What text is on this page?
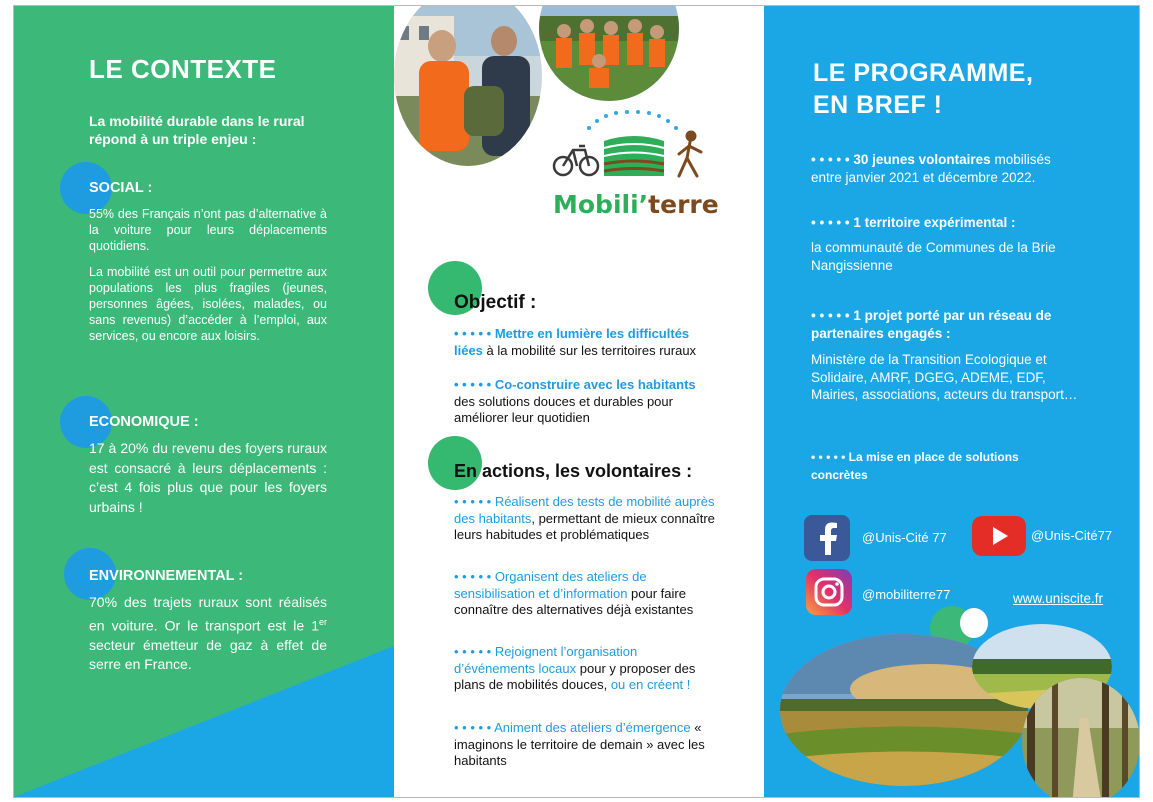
LE CONTEXTE
La mobilité durable dans le rural répond à un triple enjeu :
SOCIAL :
55% des Français n’ont pas d’alternative à la voiture pour leurs déplacements quotidiens.
La mobilité est un outil pour permettre aux populations les plus fragiles (jeunes, personnes âgées, isolées, malades, ou sans revenus) d’accéder à l’emploi, aux services, ou encore aux loisirs.
ECONOMIQUE :
17 à 20% du revenu des foyers ruraux est consacré à leurs déplacements : c’est 4 fois plus que pour les foyers urbains !
ENVIRONNEMENTAL :
70% des trajets ruraux sont réalisés en voiture. Or le transport est le 1er secteur émetteur de gaz à effet de serre en France.
Mobili’terre
Objectif :
• • • • • Mettre en lumière les difficultés liées à la mobilité sur les territoires ruraux
• • • • • Co-construire avec les habitants des solutions douces et durables pour améliorer leur quotidien
En actions, les volontaires :
• • • • • Réalisent des tests de mobilité auprès des habitants, permettant de mieux connaître leurs habitudes et problématiques
• • • • • Organisent des ateliers de sensibilisation et d’information pour faire connaître des alternatives déjà existantes
• • • • • Rejoignent l’organisation d’événements locaux pour y proposer des plans de mobilités douces, ou en créent !
• • • • • Animent des ateliers d’émergence « imaginons le territoire de demain » avec les habitants
LE PROGRAMME,
EN BREF !
• • • • • 30 jeunes volontaires mobilisés entre janvier 2021 et décembre 2022.
• • • • • 1 territoire expérimental :
la communauté de Communes de la Brie Nangissienne
• • • • • 1 projet porté par un réseau de partenaires engagés :
Ministère de la Transition Ecologique et Solidaire, AMRF, DGEG, ADEME, EDF, Mairies, associations, acteurs du transport…
• • • • • La mise en place de solutions concrètes
@Unis-Cité 77	@Unis-Cité77
@mobiliterre77	www.uniscite.fr
